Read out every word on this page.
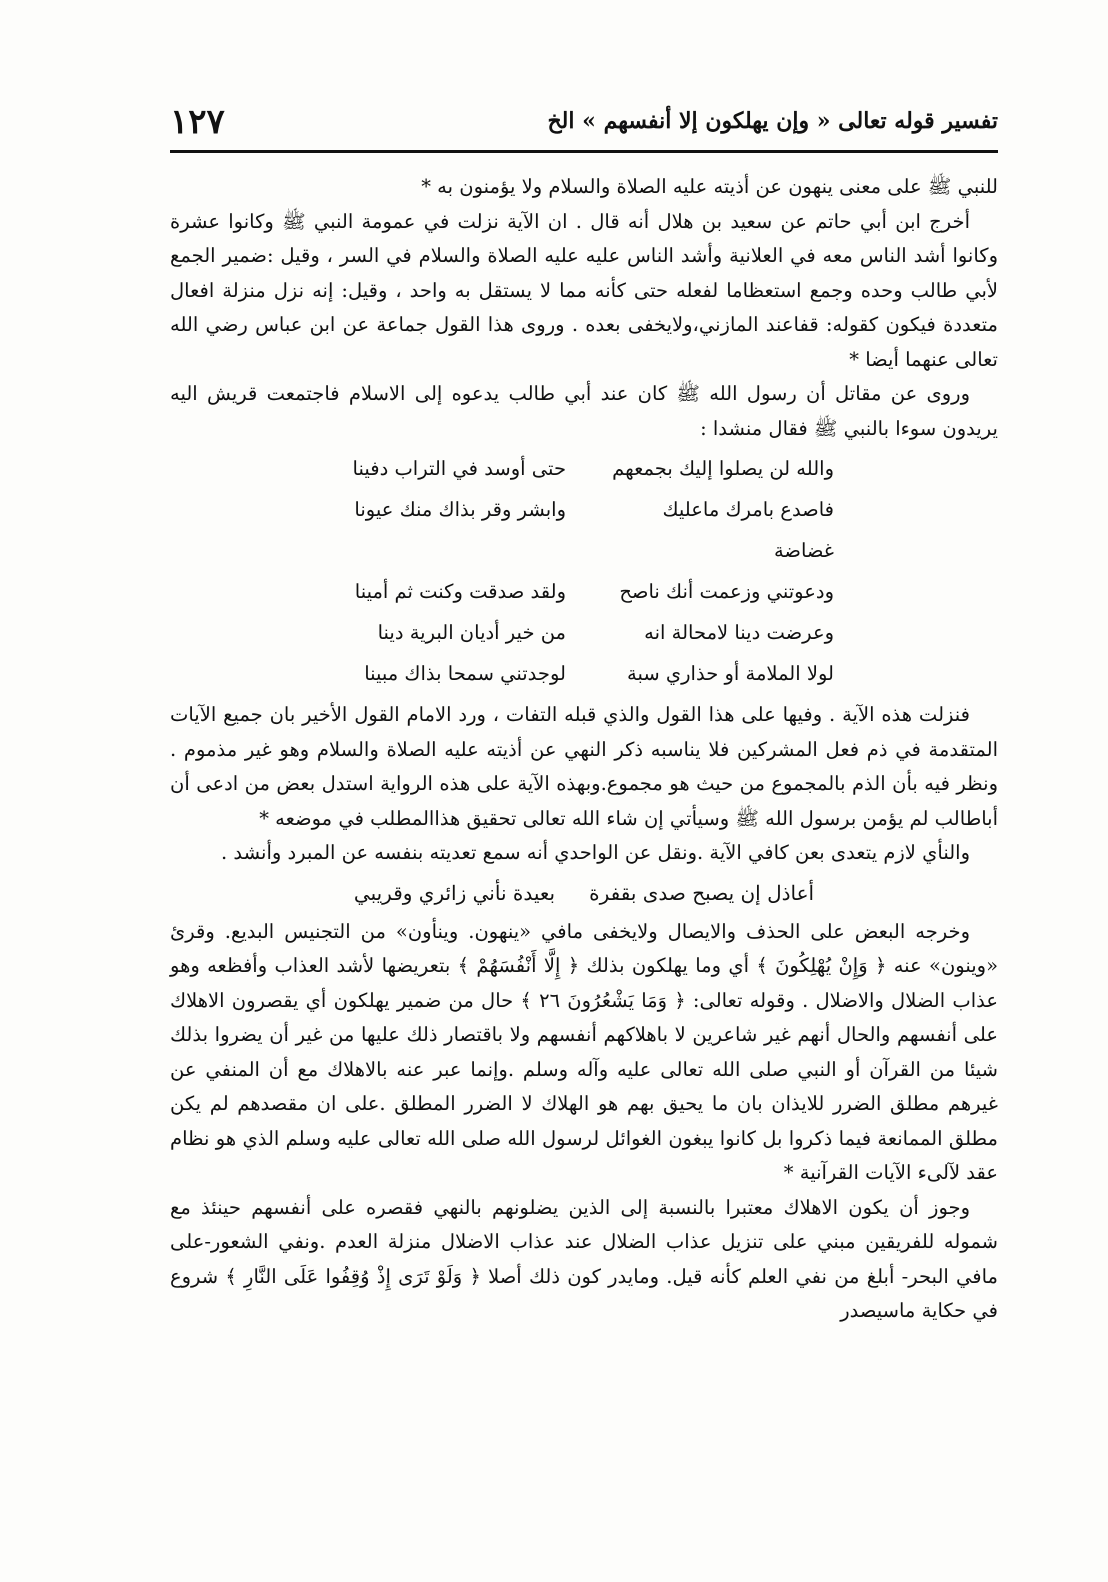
تفسير قوله تعالى « وإن يهلكون إلا أنفسهم » الخ
١٢٧

للنبي ﷺ على معنى ينهون عن أذيته عليه الصلاة والسلام ولا يؤمنون به *

أخرج ابن أبي حاتم عن سعيد بن هلال أنه قال . ان الآية نزلت في عمومة النبي ﷺ وكانوا عشرة وكانوا أشد الناس معه في العلانية وأشد الناس عليه عليه الصلاة والسلام في السر ، وقيل :ضمير الجمع لأبي طالب وحده وجمع استعظاما لفعله حتى كأنه مما لا يستقل به واحد ، وقيل: إنه نزل منزلة افعال متعددة فيكون كقوله: قفاعند المازني،ولايخفى بعده . وروى هذا القول جماعة عن ابن عباس رضي الله تعالى عنهما أيضا *

وروى عن مقاتل أن رسول الله ﷺ كان عند أبي طالب يدعوه إلى الاسلام فاجتمعت قريش اليه يريدون سوءا بالنبي ﷺ فقال منشدا :

والله لن يصلوا إليك بجمعهم
حتى أوسد في التراب دفينا
فاصدع بامرك ماعليك غضاضة
وابشر وقر بذاك منك عيونا
ودعوتني وزعمت أنك ناصح
ولقد صدقت وكنت ثم أمينا
وعرضت دينا لامحالة انه
من خير أديان البرية دينا
لولا الملامة أو حذاري سبة
لوجدتني سمحا بذاك مبينا

فنزلت هذه الآية . وفيها على هذا القول والذي قبله التفات ، ورد الامام القول الأخير بان جميع الآيات المتقدمة في ذم فعل المشركين فلا يناسبه ذكر النهي عن أذيته عليه الصلاة والسلام وهو غير مذموم . ونظر فيه بأن الذم بالمجموع من حيث هو مجموع.وبهذه الآية على هذه الرواية استدل بعض من ادعى أن أباطالب لم يؤمن برسول الله ﷺ وسيأتي إن شاء الله تعالى تحقيق هذاالمطلب في موضعه *

والنأي لازم يتعدى بعن كافي الآية .ونقل عن الواحدي أنه سمع تعديته بنفسه عن المبرد وأنشد .

أعاذل إن يصبح صدى بقفرة
بعيدة نأني زائري وقريبي

وخرجه البعض على الحذف والايصال ولايخفى مافي «ينهون. وينأون» من التجنيس البديع. وقرئ «وينون» عنه ﴿ وَإِنْ يُهْلِكُونَ ﴾ أي وما يهلكون بذلك ﴿ إِلَّا أَنْفُسَهُمْ ﴾ بتعريضها لأشد العذاب وأفظعه وهو عذاب الضلال والاضلال . وقوله تعالى: ﴿ وَمَا يَشْعُرُونَ ٢٦ ﴾ حال من ضمير يهلكون أي يقصرون الاهلاك على أنفسهم والحال أنهم غير شاعرين لا باهلاكهم أنفسهم ولا باقتصار ذلك عليها من غير أن يضروا بذلك شيئا من القرآن أو النبي صلى الله تعالى عليه وآله وسلم .وإنما عبر عنه بالاهلاك مع أن المنفي عن غيرهم مطلق الضرر للايذان بان ما يحيق بهم هو الهلاك لا الضرر المطلق .على ان مقصدهم لم يكن مطلق الممانعة فيما ذكروا بل كانوا يبغون الغوائل لرسول الله صلى الله تعالى عليه وسلم الذي هو نظام عقد لآلىء الآيات القرآنية *

وجوز أن يكون الاهلاك معتبرا بالنسبة إلى الذين يضلونهم بالنهي فقصره على أنفسهم حينئذ مع شموله للفريقين مبني على تنزيل عذاب الضلال عند عذاب الاضلال منزلة العدم .ونفي الشعور-على مافي البحر- أبلغ من نفي العلم كأنه قيل. ومايدر كون ذلك أصلا ﴿ وَلَوْ تَرَى إِذْ وُقِفُوا عَلَى النَّارِ ﴾ شروع في حكاية ماسيصدر
